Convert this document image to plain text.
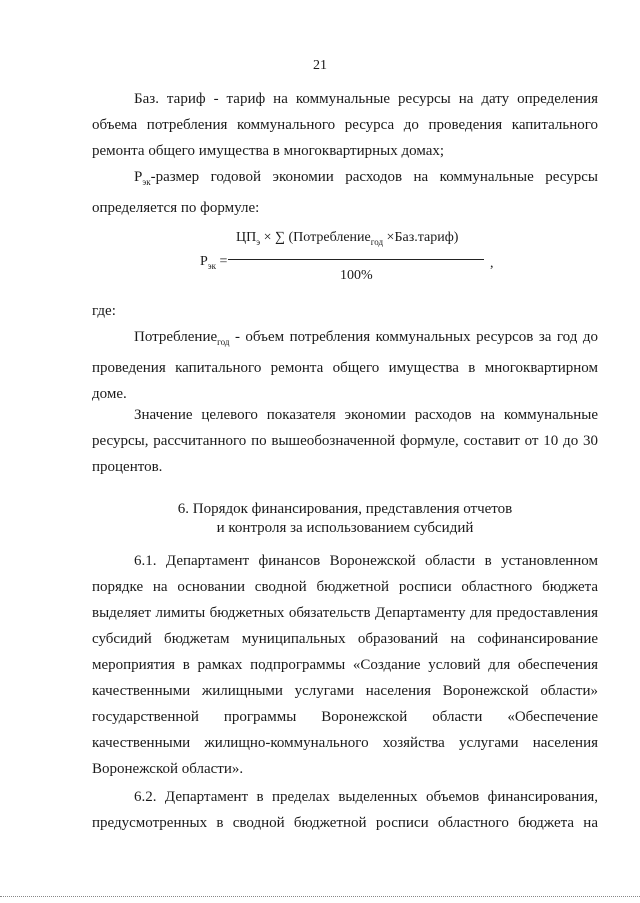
21

Баз. тариф - тариф на коммунальные ресурсы на дату определения объема потребления коммунального ресурса до проведения капитального ремонта общего имущества в многоквартирных домах;

$Р_{эк}$-размер годовой экономии расходов на коммунальные ресурсы определяется по формуле:

$Р_{эк}$ =
$ЦП_э$ × ∑ (Потребление$_{год}$ ×Баз.тариф)
100%
,

где:

Потребление$_{год}$ - объем потребления коммунальных ресурсов за год до проведения капитального ремонта общего имущества в многоквартирном доме.

Значение целевого показателя экономии расходов на коммунальные ресурсы, рассчитанного по вышеобозначенной формуле, составит от 10 до 30 процентов.

6. Порядок финансирования, представления отчетов

и контроля за использованием субсидий

6.1. Департамент финансов Воронежской области в установленном порядке на основании сводной бюджетной росписи областного бюджета выделяет лимиты бюджетных обязательств Департаменту для предоставления субсидий бюджетам муниципальных образований на софинансирование мероприятия в рамках подпрограммы «Создание условий для обеспечения качественными жилищными услугами населения Воронежской области» государственной программы Воронежской области «Обеспечение качественными жилищно-коммунального хозяйства услугами населения Воронежской области».

6.2. Департамент в пределах выделенных объемов финансирования, предусмотренных в сводной бюджетной росписи областного бюджета на
